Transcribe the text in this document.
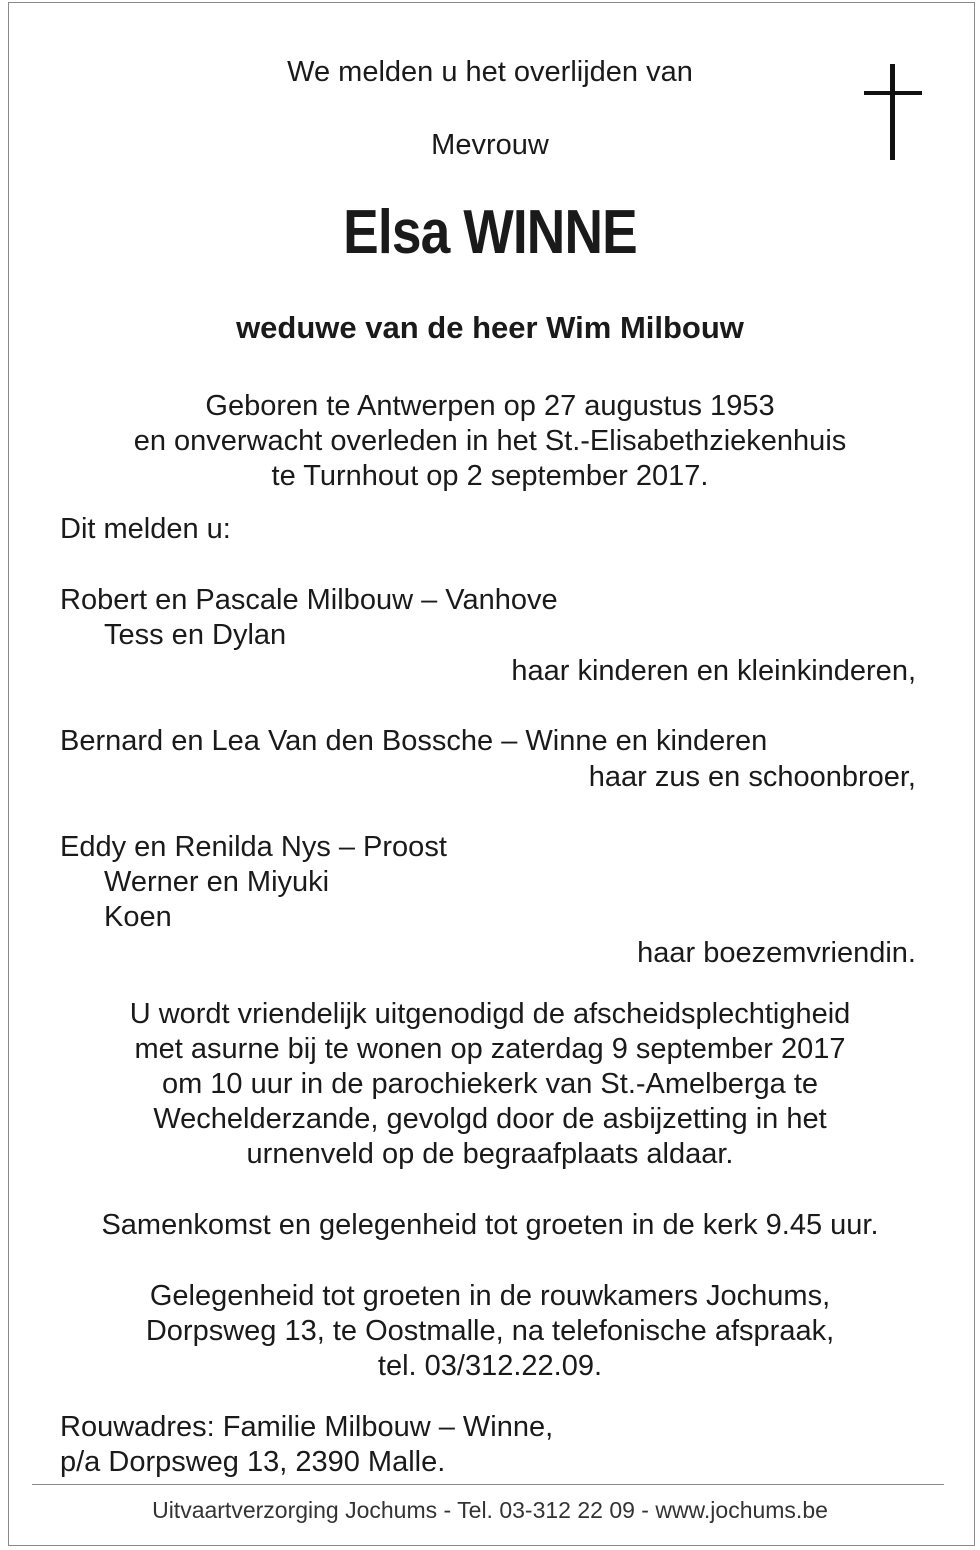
We melden u het overlijden van
Mevrouw
Elsa WINNE
weduwe van de heer Wim Milbouw
Geboren te Antwerpen op 27 augustus 1953
en onverwacht overleden in het St.-Elisabethziekenhuis
te Turnhout op 2 september 2017.
Dit melden u:
Robert en Pascale Milbouw – Vanhove
Tess en Dylan
haar kinderen en kleinkinderen,
Bernard en Lea Van den Bossche – Winne en kinderen
haar zus en schoonbroer,
Eddy en Renilda Nys – Proost
Werner en Miyuki
Koen
haar boezemvriendin.
U wordt vriendelijk uitgenodigd de afscheidsplechtigheid
met asurne bij te wonen op zaterdag 9 september 2017
om 10 uur in de parochiekerk van St.-Amelberga te
Wechelderzande, gevolgd door de asbijzetting in het
urnenveld op de begraafplaats aldaar.
Samenkomst en gelegenheid tot groeten in de kerk 9.45 uur.
Gelegenheid tot groeten in de rouwkamers Jochums,
Dorpsweg 13, te Oostmalle, na telefonische afspraak,
tel. 03/312.22.09.
Rouwadres: Familie Milbouw – Winne,
p/a Dorpsweg 13, 2390 Malle.
Uitvaartverzorging Jochums - Tel. 03-312 22 09 - www.jochums.be
